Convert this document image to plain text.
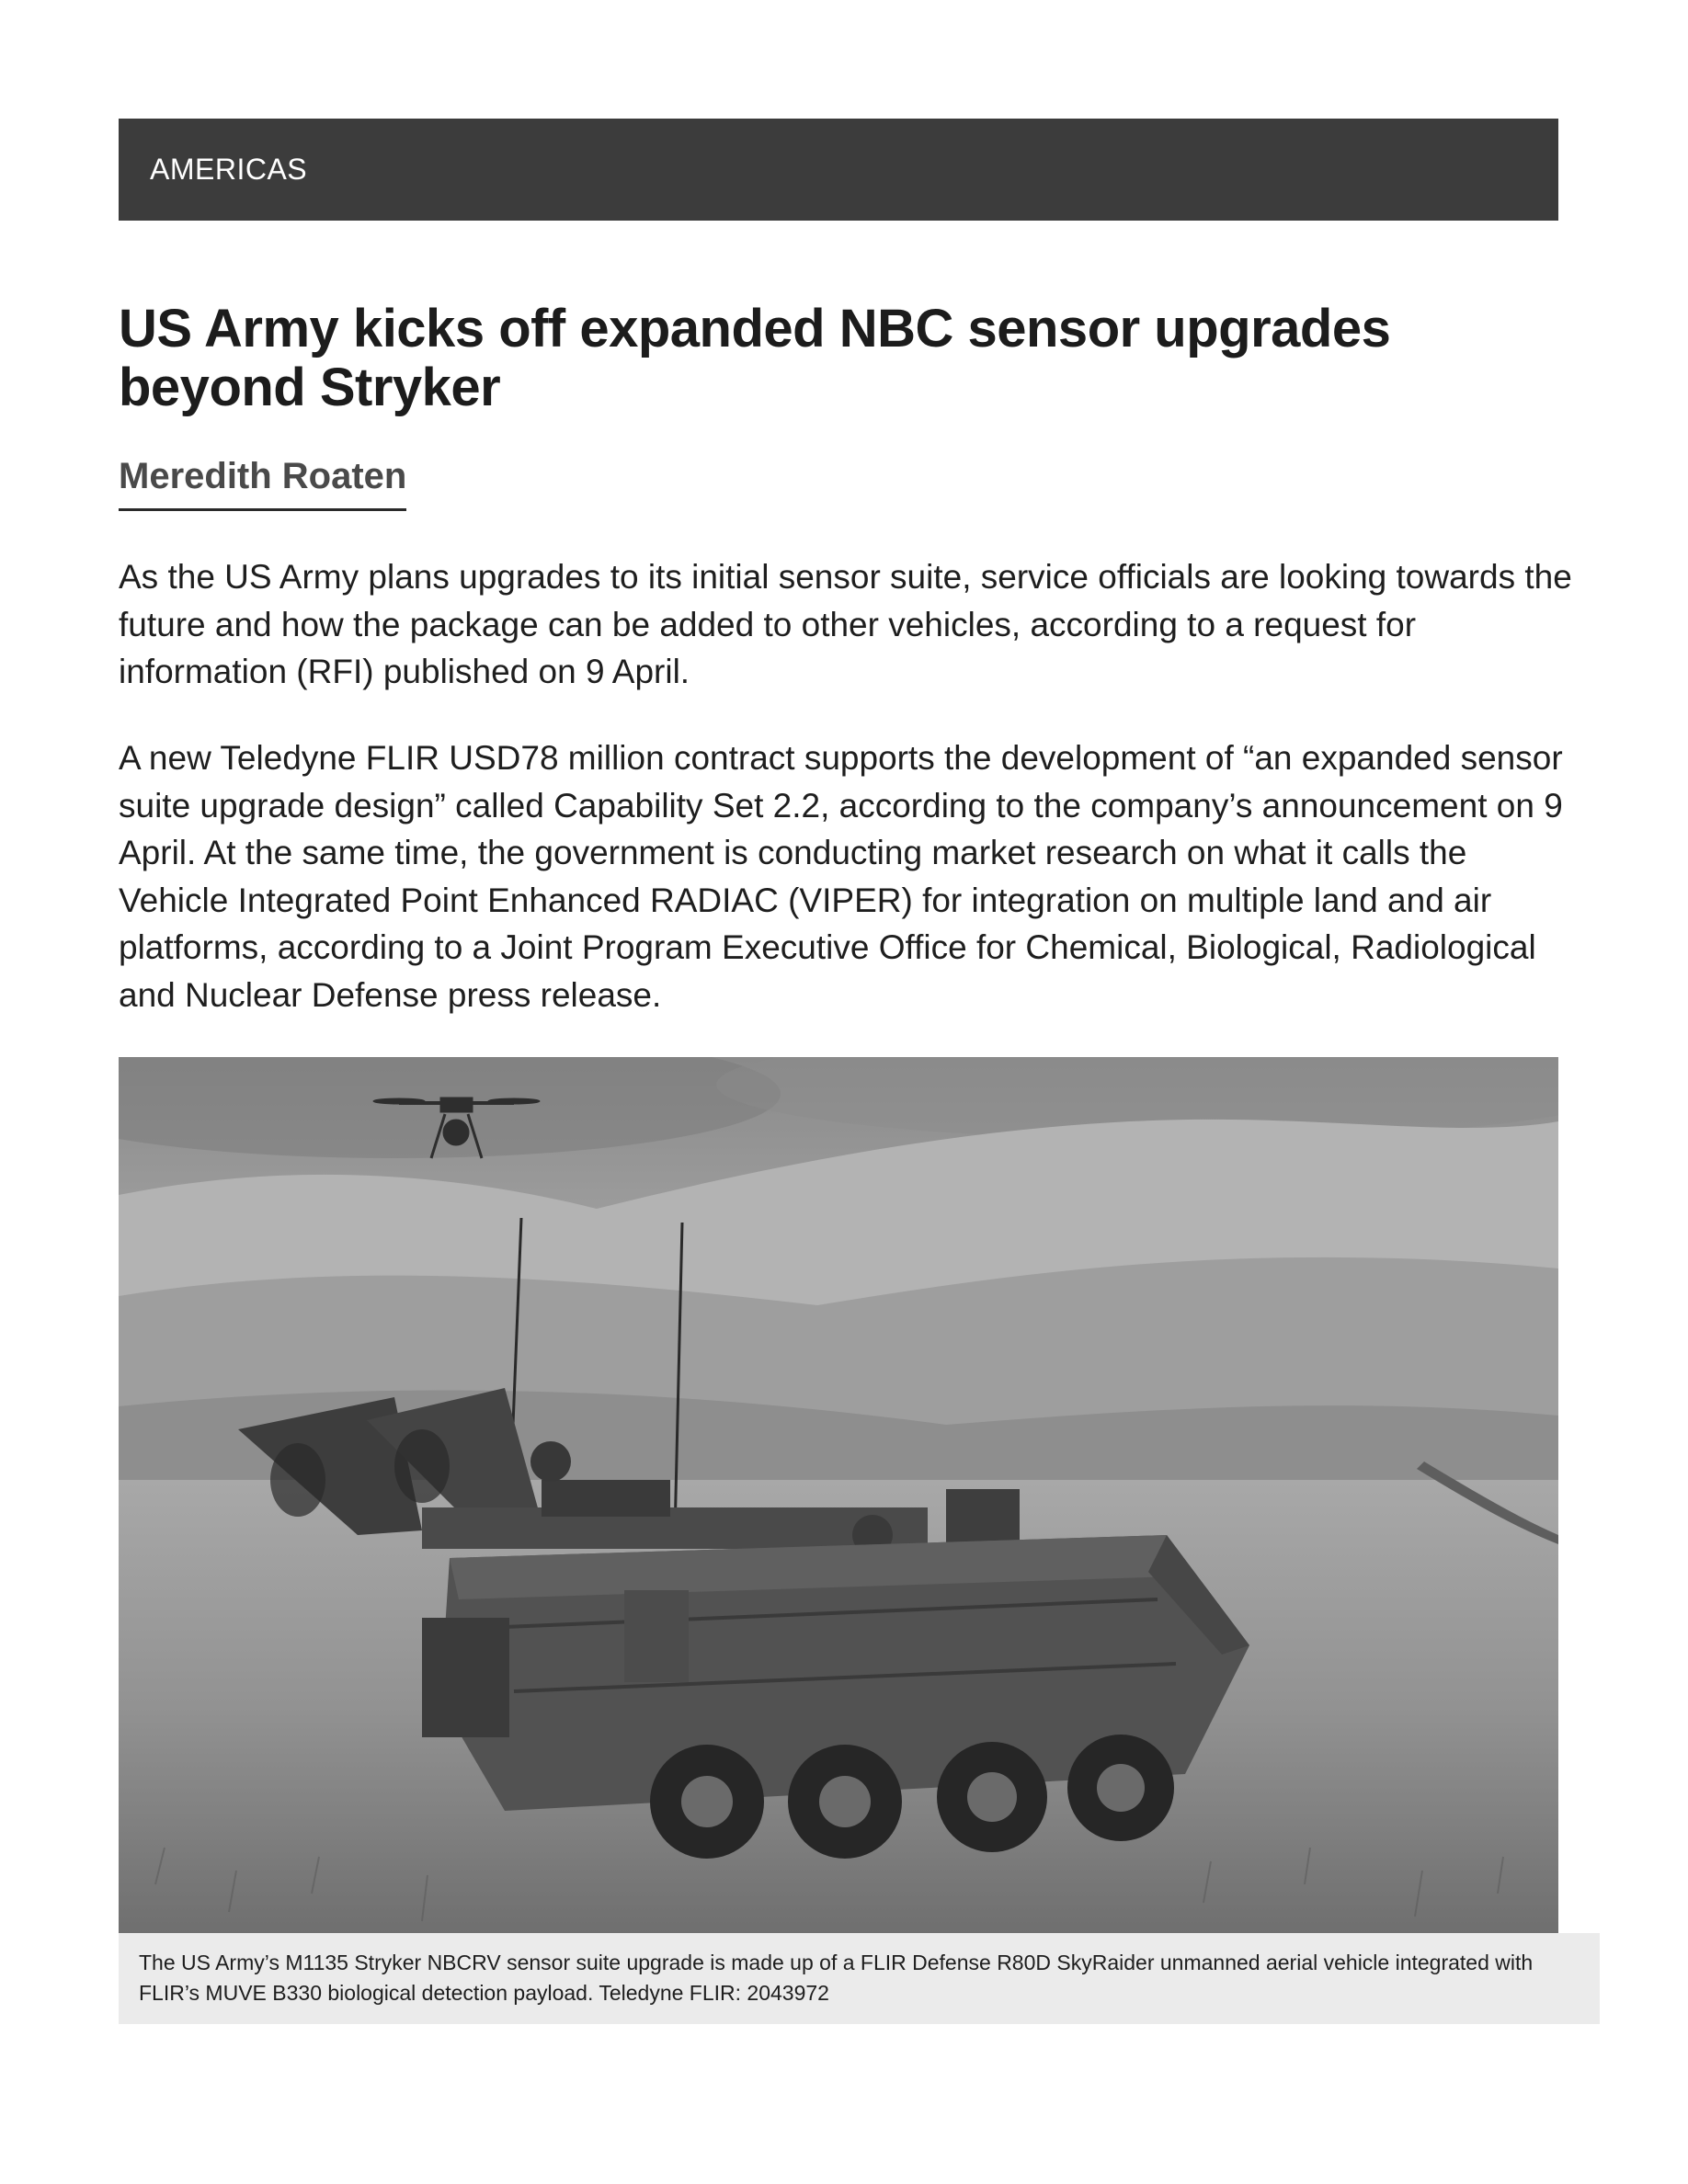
AMERICAS
US Army kicks off expanded NBC sensor upgrades beyond Stryker
Meredith Roaten

As the US Army plans upgrades to its initial sensor suite, service officials are looking towards the future and how the package can be added to other vehicles, according to a request for information (RFI) published on 9 April.

A new Teledyne FLIR USD78 million contract supports the development of “an expanded sensor suite upgrade design” called Capability Set 2.2, according to the company’s announcement on 9 April. At the same time, the government is conducting market research on what it calls the Vehicle Integrated Point Enhanced RADIAC (VIPER) for integration on multiple land and air platforms, according to a Joint Program Executive Office for Chemical, Biological, Radiological and Nuclear Defense press release.

The US Army’s M1135 Stryker NBCRV sensor suite upgrade is made up of a FLIR Defense R80D SkyRaider unmanned aerial vehicle integrated with FLIR’s MUVE B330 biological detection payload. Teledyne FLIR: 2043972
